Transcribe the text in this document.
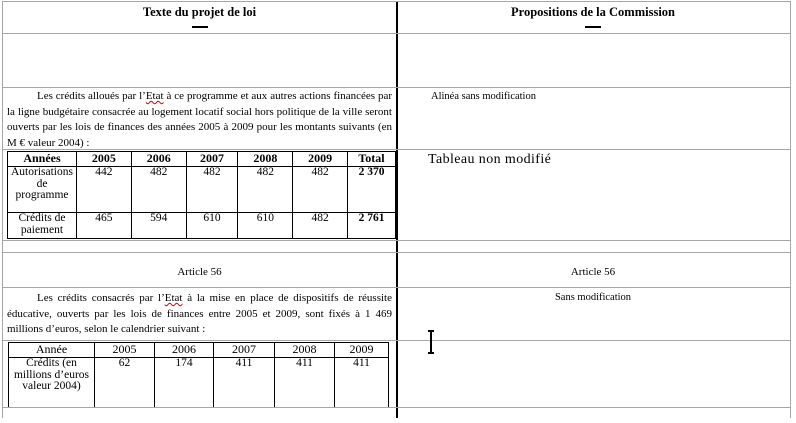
Texte du projet de loi	Propositions de la Commission

Les crédits alloués par l’Etat à ce programme et aux autres actions financées par la ligne budgétaire consacrée au logement locatif social hors politique de la ville seront ouverts par les lois de finances des années 2005 à 2009 pour les montants suivants (en M € valeur 2004) :

Alinéa sans modification
Années	2005	2006	2007	2008	2009	Total
Autorisations de programme	442	482	482	482	482	2 370
Crédits de paiement	465	594	610	610	482	2 761
Tableau non modifié
Article 56	Article 56

Les crédits consacrés par l’Etat à la mise en place de dispositifs de réussite éducative, ouverts par les lois de finances entre 2005 et 2009, sont fixés à 1 469 millions d’euros, selon le calendrier suivant :

Sans modification
Année	2005	2006	2007	2008	2009
Crédits (en millions d’euros valeur 2004)	62	174	411	411	411
